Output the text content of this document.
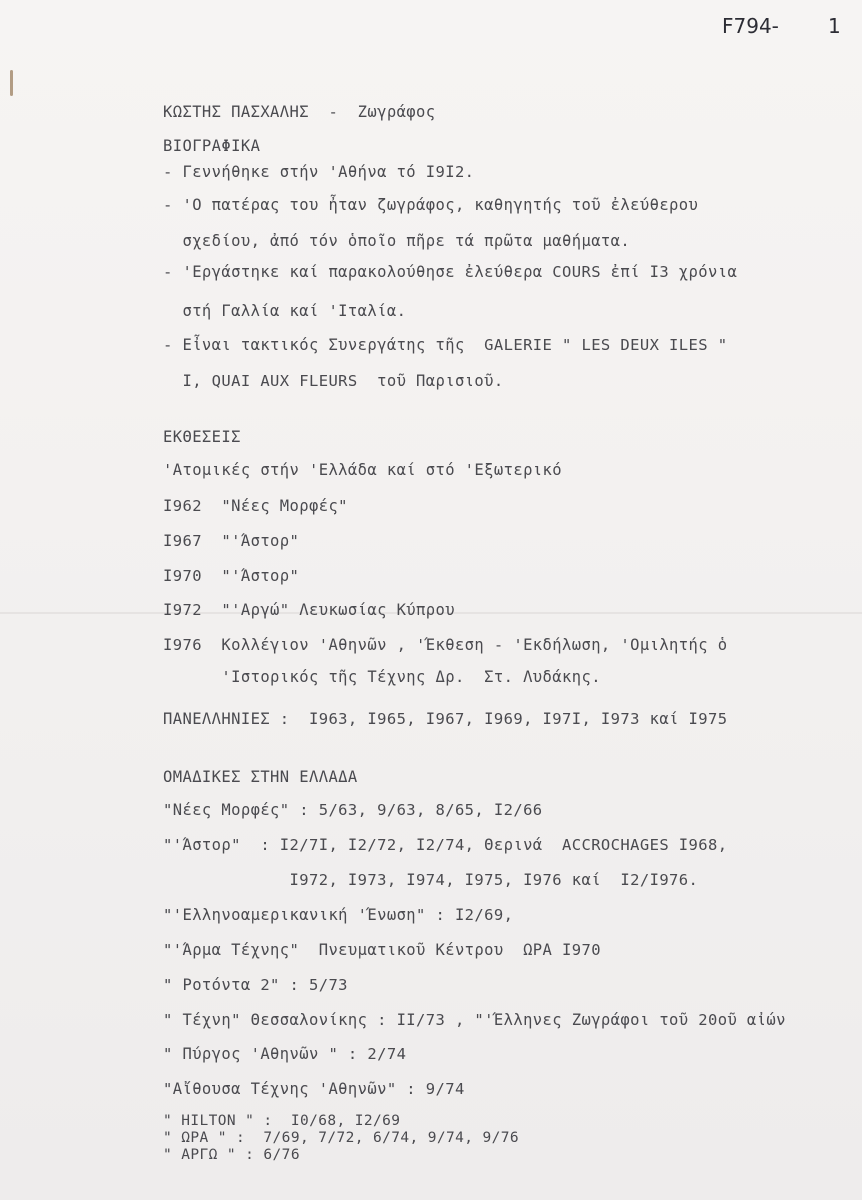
F794- 1
ΚΩΣΤΗΣ ΠΑΣΧΑΛΗΣ  -  Ζωγράφος
ΒΙΟΓΡΑΦΙΚΑ
- Γεννήθηκε στήν 'Αθήνα τό Ι9Ι2.
- 'Ο πατέρας του ἦταν ζωγράφος, καθηγητής τοῦ ἐλεύθερου
σχεδίου, ἀπό τόν ὁποῖο πῆρε τά πρῶτα μαθήματα.
- 'Εργάστηκε καί παρακολούθησε ἐλεύθερα COURS ἐπί Ι3 χρόνια
στή Γαλλία καί 'Ιταλία.
- Εἶναι τακτικός Συνεργάτης τῆς  GALERIE " LES DEUX ILES "
Ι, QUAI AUX FLEURS  τοῦ Παρισιοῦ.
ΕΚΘΕΣΕΙΣ
'Ατομικές στήν 'Ελλάδα καί στό 'Εξωτερικό
Ι962  "Νέες Μορφές"
Ι967  "'Άστορ"
Ι970  "'Άστορ"
Ι972  "'Αργώ" Λευκωσίας Κύπρου
Ι976  Κολλέγιον 'Αθηνῶν , 'Έκθεση - 'Εκδήλωση, 'Ομιλητής ὁ
'Ιστορικός τῆς Τέχνης Δρ.  Στ. Λυδάκης.
ΠΑΝΕΛΛΗΝΙΕΣ :  Ι963, Ι965, Ι967, Ι969, Ι97Ι, Ι973 καί Ι975
ΟΜΑΔΙΚΕΣ ΣΤΗΝ ΕΛΛΑΔΑ
"Νέες Μορφές" : 5/63, 9/63, 8/65, Ι2/66
"'Άστορ"  : Ι2/7Ι, Ι2/72, Ι2/74, Θερινά  ACCROCHAGES Ι968,
Ι972, Ι973, Ι974, Ι975, Ι976 καί  Ι2/Ι976.
"'Ελληνοαμερικανική 'Ένωση" : Ι2/69,
"'Άρμα Τέχνης"  Πνευματικοῦ Κέντρου  ΩΡΑ Ι970
" Ροτόντα 2" : 5/73
" Τέχνη" Θεσσαλονίκης : ΙΙ/73 , "'Έλληνες Ζωγράφοι τοῦ 20οῦ αἰών
" Πύργος 'Αθηνῶν " : 2/74
"Αἴθουσα Τέχνης 'Αθηνῶν" : 9/74
" HILTON " :  Ι0/68, Ι2/69
" ΩΡΑ " :  7/69, 7/72, 6/74, 9/74, 9/76
" ΑΡΓΩ " : 6/76
